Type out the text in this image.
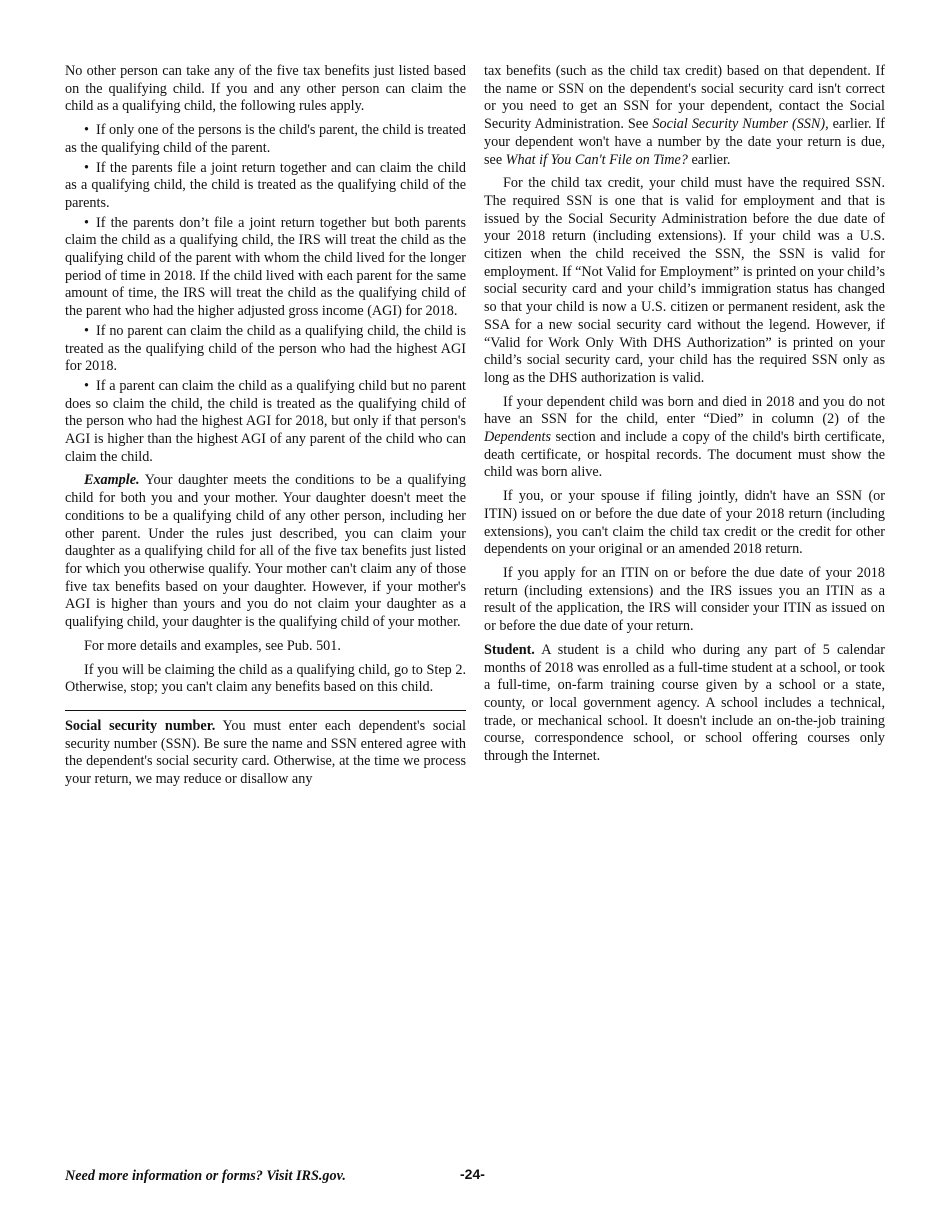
No other person can take any of the five tax benefits just listed based on the qualifying child. If you and any other person can claim the child as a qualifying child, the following rules apply.

• If only one of the persons is the child's parent, the child is treated as the qualifying child of the parent.

• If the parents file a joint return together and can claim the child as a qualifying child, the child is treated as the qualifying child of the parents.

• If the parents don’t file a joint return together but both parents claim the child as a qualifying child, the IRS will treat the child as the qualifying child of the parent with whom the child lived for the longer period of time in 2018. If the child lived with each parent for the same amount of time, the IRS will treat the child as the qualifying child of the parent who had the higher adjusted gross income (AGI) for 2018.

• If no parent can claim the child as a qualifying child, the child is treated as the qualifying child of the person who had the highest AGI for 2018.

• If a parent can claim the child as a qualifying child but no parent does so claim the child, the child is treated as the qualifying child of the person who had the highest AGI for 2018, but only if that person's AGI is higher than the highest AGI of any parent of the child who can claim the child.

Example. Your daughter meets the conditions to be a qualifying child for both you and your mother. Your daughter doesn't meet the conditions to be a qualifying child of any other person, including her other parent. Under the rules just described, you can claim your daughter as a qualifying child for all of the five tax benefits just listed for which you otherwise qualify. Your mother can't claim any of those five tax benefits based on your daughter. However, if your mother's AGI is higher than yours and you do not claim your daughter as a qualifying child, your daughter is the qualifying child of your mother.

For more details and examples, see Pub. 501.

If you will be claiming the child as a qualifying child, go to Step 2. Otherwise, stop; you can't claim any benefits based on this child.

Social security number. You must enter each dependent's social security number (SSN). Be sure the name and SSN entered agree with the dependent's social security card. Otherwise, at the time we process your return, we may reduce or disallow any

tax benefits (such as the child tax credit) based on that dependent. If the name or SSN on the dependent's social security card isn't correct or you need to get an SSN for your dependent, contact the Social Security Administration. See Social Security Number (SSN), earlier. If your dependent won't have a number by the date your return is due, see What if You Can't File on Time? earlier.

For the child tax credit, your child must have the required SSN. The required SSN is one that is valid for employment and that is issued by the Social Security Administration before the due date of your 2018 return (including extensions). If your child was a U.S. citizen when the child received the SSN, the SSN is valid for employment. If “Not Valid for Employment” is printed on your child’s social security card and your child’s immigration status has changed so that your child is now a U.S. citizen or permanent resident, ask the SSA for a new social security card without the legend. However, if “Valid for Work Only With DHS Authorization” is printed on your child’s social security card, your child has the required SSN only as long as the DHS authorization is valid.

If your dependent child was born and died in 2018 and you do not have an SSN for the child, enter “Died” in column (2) of the Dependents section and include a copy of the child's birth certificate, death certificate, or hospital records. The document must show the child was born alive.

If you, or your spouse if filing jointly, didn't have an SSN (or ITIN) issued on or before the due date of your 2018 return (including extensions), you can't claim the child tax credit or the credit for other dependents on your original or an amended 2018 return.

If you apply for an ITIN on or before the due date of your 2018 return (including extensions) and the IRS issues you an ITIN as a result of the application, the IRS will consider your ITIN as issued on or before the due date of your return.

Student. A student is a child who during any part of 5 calendar months of 2018 was enrolled as a full-time student at a school, or took a full-time, on-farm training course given by a school or a state, county, or local government agency. A school includes a technical, trade, or mechanical school. It doesn't include an on-the-job training course, correspondence school, or school offering courses only through the Internet.

Need more information or forms? Visit IRS.gov.	-24-
